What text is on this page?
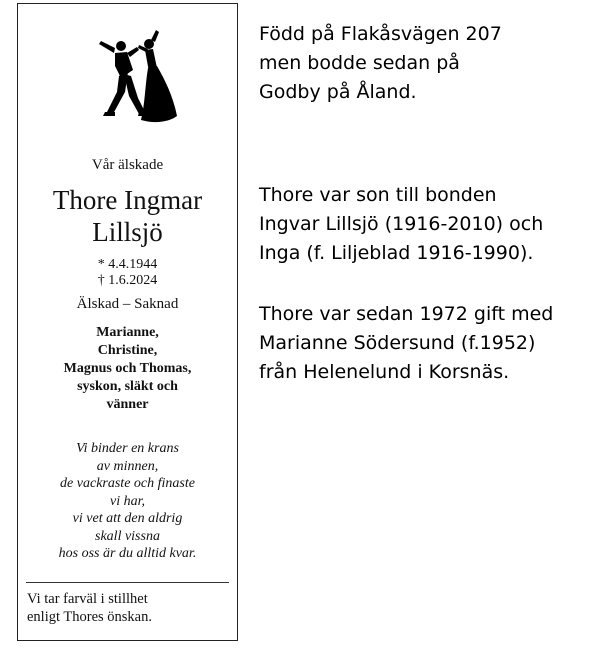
Vår älskade
Thore Ingmar
Lillsjö
* 4.4.1944
† 1.6.2024
Älskad – Saknad
Marianne,
Christine,
Magnus och Thomas,
syskon, släkt och
vänner
Vi binder en krans
av minnen,
de vackraste och finaste
vi har,
vi vet att den aldrig
skall vissna
hos oss är du alltid kvar.
Vi tar farväl i stillhet
enligt Thores önskan.
Född på Flakåsvägen 207
men bodde sedan på
Godby på Åland.
Thore var son till bonden
Ingvar Lillsjö (1916-2010) och
Inga (f. Liljeblad 1916-1990).
Thore var sedan 1972 gift med
Marianne Södersund (f.1952)
från Helenelund i Korsnäs.
